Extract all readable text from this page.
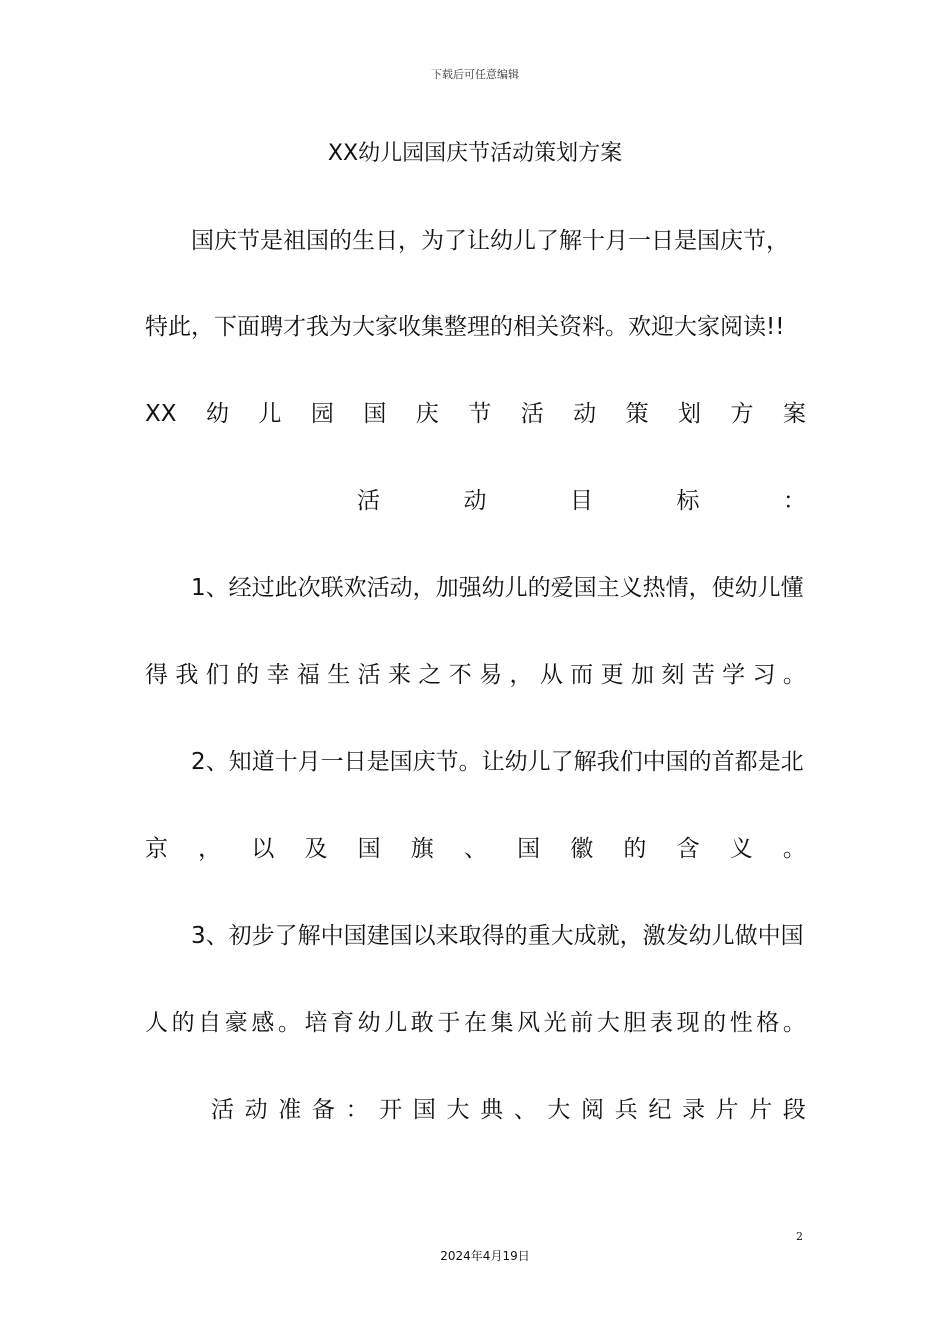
下载后可任意编辑
XX幼儿园国庆节活动策划方案
国庆节是祖国的生日，为了让幼儿了解十月一日是国庆节，
特此，下面聘才我为大家收集整理的相关资料。欢迎大家阅读!!
XX 幼 儿 园 国 庆 节 活 动 策 划 方 案
活	动	目	标	：
1、经过此次联欢活动，加强幼儿的爱国主义热情，使幼儿懂
得 我 们 的 幸 福 生 活 来 之 不 易 ， 从 而 更 加 刻 苦 学 习 。
2、知道十月一日是国庆节。让幼儿了解我们中国的首都是北
京 ， 以 及 国 旗 、 国 徽 的 含 义 。
3、初步了解中国建国以来取得的重大成就，激发幼儿做中国
人 的 自 豪 感 。 培 育 幼 儿 敢 于 在 集 风 光 前 大 胆 表 现 的 性 格 。
活 动 准 备 ： 开 国 大 典 、 大 阅 兵 纪 录 片 片 段
2
2024年4月19日
